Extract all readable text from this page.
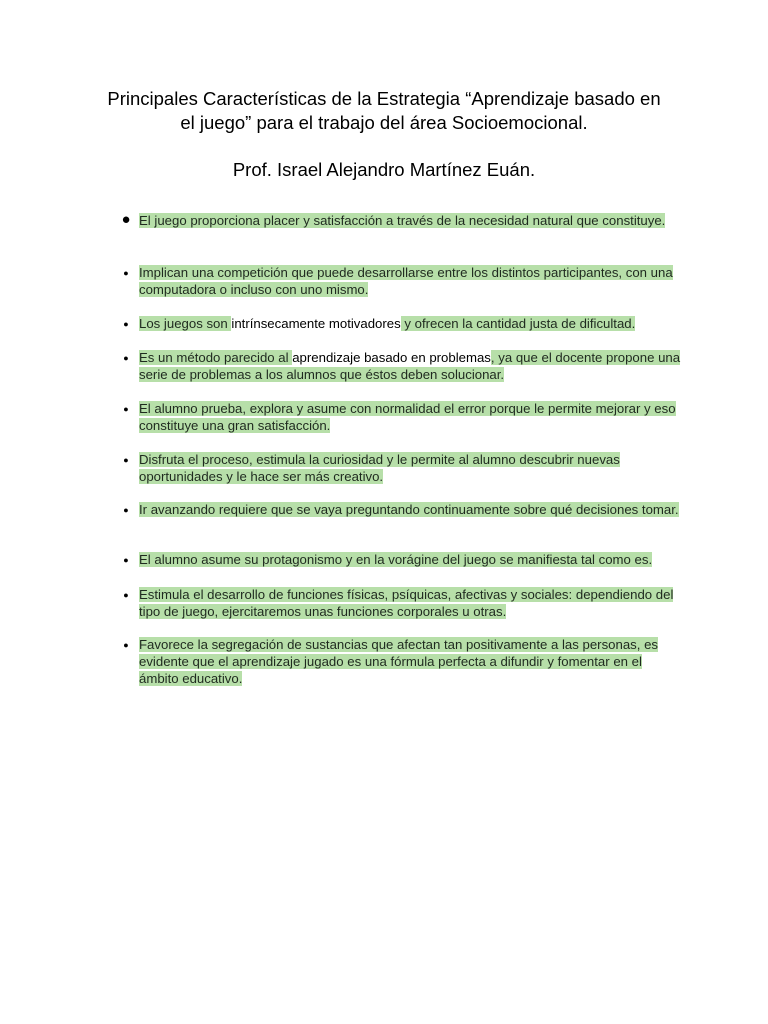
Principales Características de la Estrategia “Aprendizaje basado en
el juego” para el trabajo del área Socioemocional.

Prof. Israel Alejandro Martínez Euán.

● El juego proporciona placer y satisfacción a través de la necesidad natural que constituye.
● Implican una competición que puede desarrollarse entre los distintos participantes, con una computadora o incluso con uno mismo.
● Los juegos son intrínsecamente motivadores y ofrecen la cantidad justa de dificultad.
● Es un método parecido al aprendizaje basado en problemas, ya que el docente propone una serie de problemas a los alumnos que éstos deben solucionar.
● El alumno prueba, explora y asume con normalidad el error porque le permite mejorar y eso constituye una gran satisfacción.
● Disfruta el proceso, estimula la curiosidad y le permite al alumno descubrir nuevas oportunidades y le hace ser más creativo.
● Ir avanzando requiere que se vaya preguntando continuamente sobre qué decisiones tomar.
● El alumno asume su protagonismo y en la vorágine del juego se manifiesta tal como es.
● Estimula el desarrollo de funciones físicas, psíquicas, afectivas y sociales: dependiendo del tipo de juego, ejercitaremos unas funciones corporales u otras.
● Favorece la segregación de sustancias que afectan tan positivamente a las personas, es evidente que el aprendizaje jugado es una fórmula perfecta a difundir y fomentar en el ámbito educativo.
